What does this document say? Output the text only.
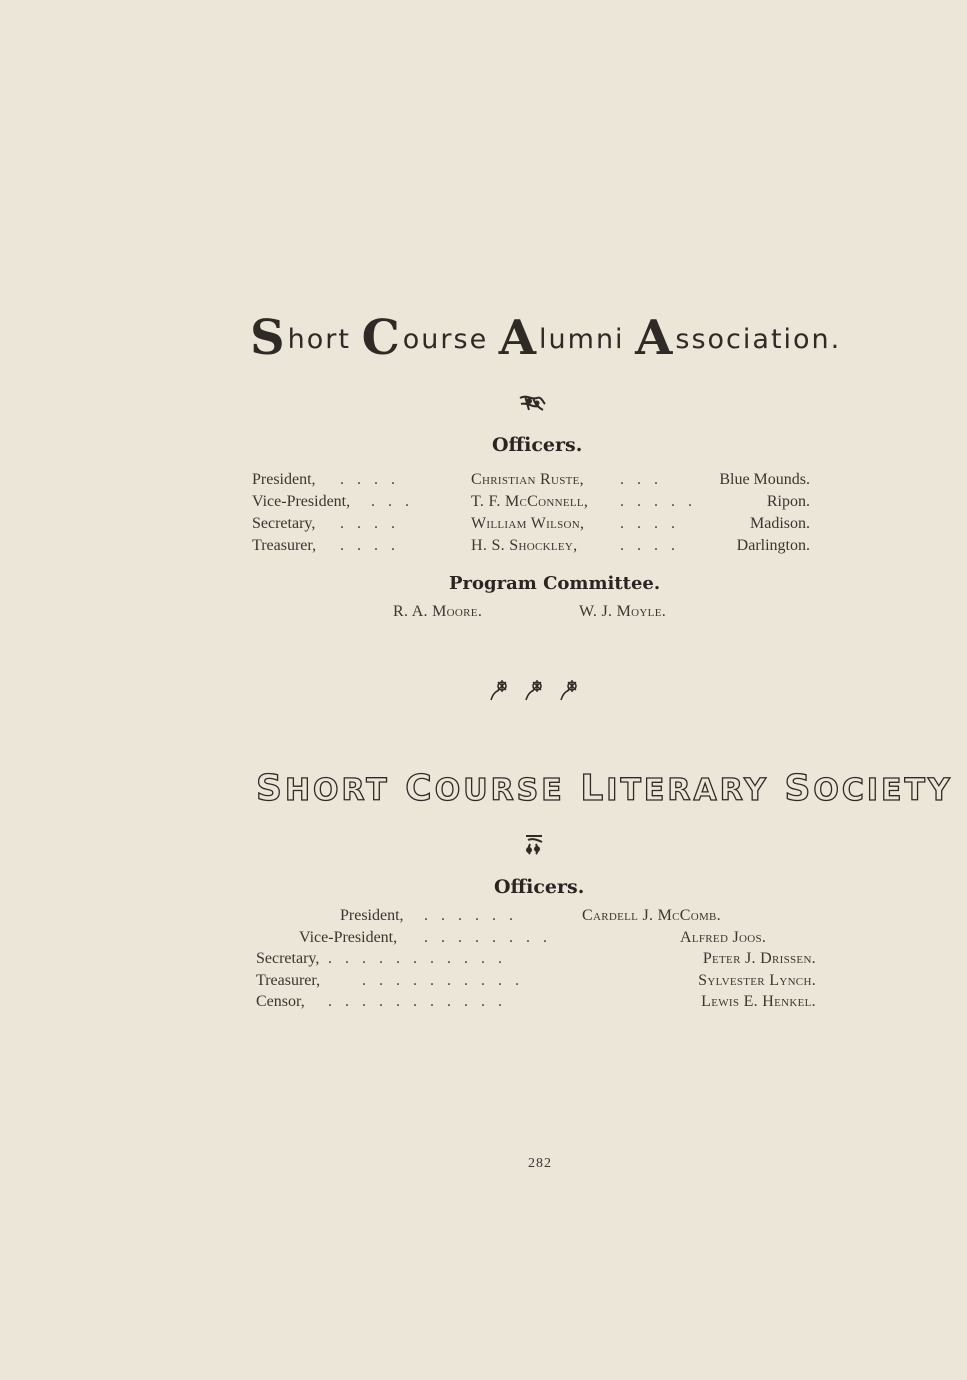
Short Course Alumni Association.
Officers.
President, ....	Christian Ruste, ...	Blue Mounds.
Vice-President, ...	T. F. McConnell, .....	Ripon.
Secretary, ....	William Wilson, ....	Madison.
Treasurer, ....	H. S. Shockley,	....	Darlington.
Program Committee.
R. A. Moore.	W. J. Moyle.
SHORT COURSE LITERARY SOCIETY
Officers.
President, ......	Cardell J. McComb.
Vice-President, ........	Alfred Joos.
Secretary, ...........	Peter J. Drissen.
Treasurer,	..........	Sylvester Lynch.
Censor, ...........	Lewis E. Henkel.
282
